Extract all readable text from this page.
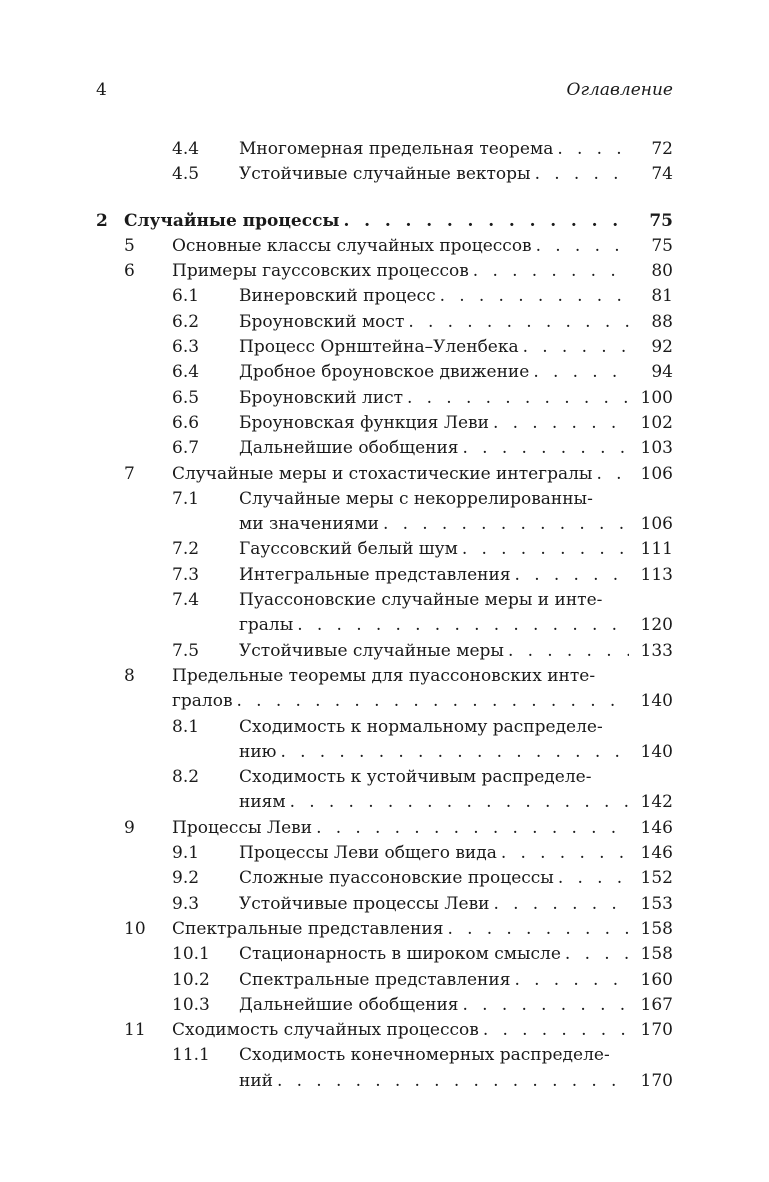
4	Оглавление
4.4 Многомерная предельная теорема . . .	72
4.5 Устойчивые случайные векторы . . .	74
2 Случайные процессы . . .	75
5 Основные классы случайных процессов . . .	75
6 Примеры гауссовских процессов . . .	80
6.1 Винеровский процесс . . .	81
6.2 Броуновский мост . . .	88
6.3 Процесс Орнштейна–Уленбека . . .	92
6.4 Дробное броуновское движение . . .	94
6.5 Броуновский лист . . .	100
6.6 Броуновская функция Леви . . .	102
6.7 Дальнейшие обобщения . . .	103
7 Случайные меры и стохастические интегралы . . .	106
7.1 Случайные меры с некоррелированны-
ми значениями . . .	106
7.2 Гауссовский белый шум . . .	111
7.3 Интегральные представления . . .	113
7.4 Пуассоновские случайные меры и инте-
гралы . . .	120
7.5 Устойчивые случайные меры . . .	133
8 Предельные теоремы для пуассоновских инте-
гралов . . .	140
8.1 Сходимость к нормальному распределе-
нию . . .	140
8.2 Сходимость к устойчивым распределе-
ниям . . .	142
9 Процессы Леви . . .	146
9.1 Процессы Леви общего вида . . .	146
9.2 Сложные пуассоновские процессы . . .	152
9.3 Устойчивые процессы Леви . . .	153
10 Спектральные представления . . .	158
10.1 Стационарность в широком смысле . . .	158
10.2 Спектральные представления . . .	160
10.3 Дальнейшие обобщения . . .	167
11 Сходимость случайных процессов . . .	170
11.1 Сходимость конечномерных распределе-
ний . . .	170
